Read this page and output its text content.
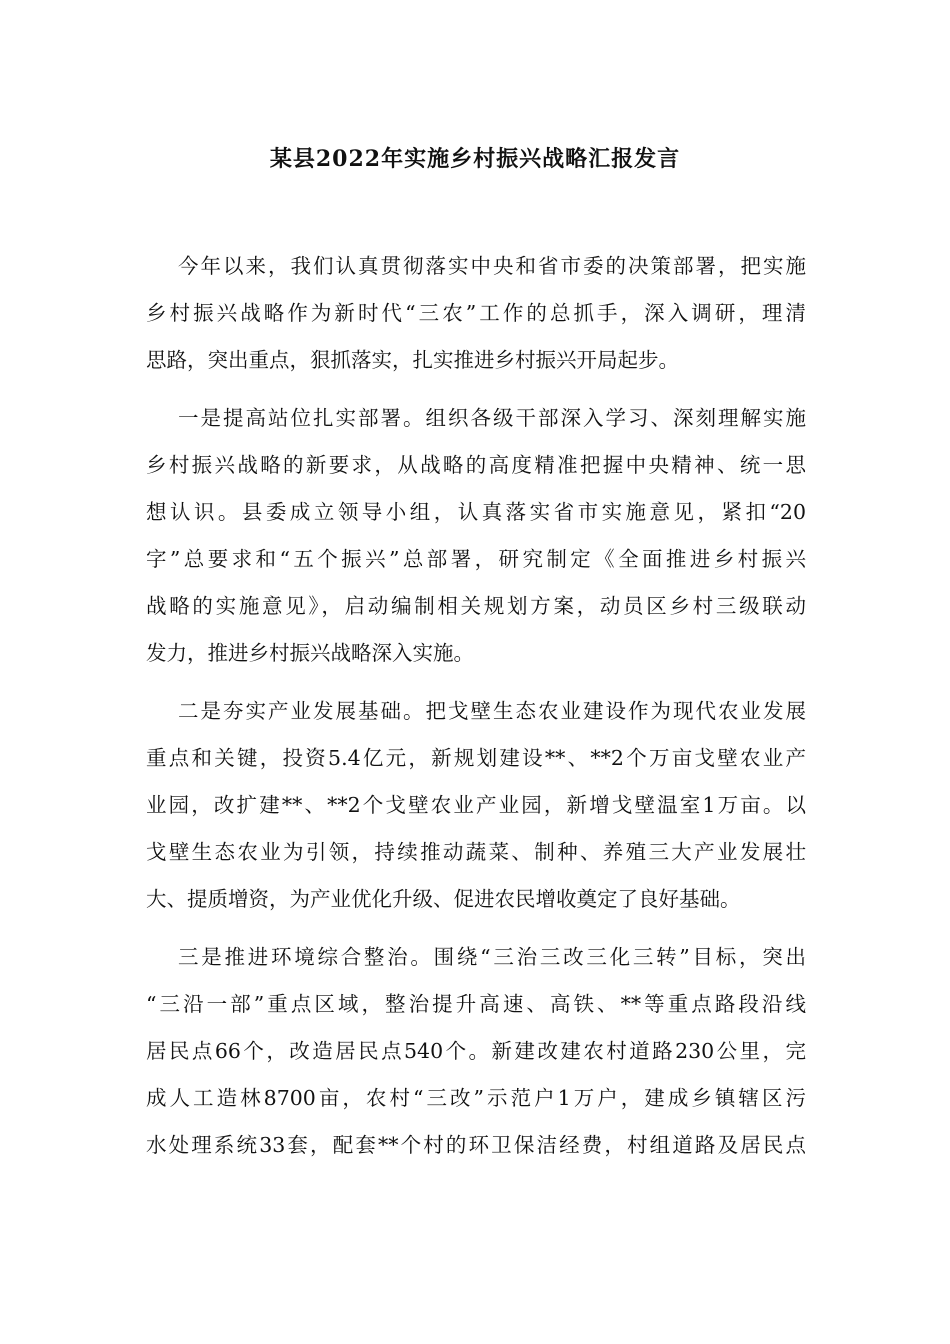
某县2022年实施乡村振兴战略汇报发言
今年以来，我们认真贯彻落实中央和省市委的决策部署，把实施
乡村振兴战略作为新时代“三农”工作的总抓手，深入调研，理清
思路，突出重点，狠抓落实，扎实推进乡村振兴开局起步。
一是提高站位扎实部署。组织各级干部深入学习、深刻理解实施
乡村振兴战略的新要求，从战略的高度精准把握中央精神、统一思
想认识。县委成立领导小组，认真落实省市实施意见，紧扣“20
字”总要求和“五个振兴”总部署，研究制定《全面推进乡村振兴
战略的实施意见》，启动编制相关规划方案，动员区乡村三级联动
发力，推进乡村振兴战略深入实施。
二是夯实产业发展基础。把戈壁生态农业建设作为现代农业发展
重点和关键，投资5.4亿元，新规划建设**、**2个万亩戈壁农业产
业园，改扩建**、**2个戈壁农业产业园，新增戈壁温室1万亩。以
戈壁生态农业为引领，持续推动蔬菜、制种、养殖三大产业发展壮
大、提质增资，为产业优化升级、促进农民增收奠定了良好基础。
三是推进环境综合整治。围绕“三治三改三化三转”目标，突出
“三沿一部”重点区域，整治提升高速、高铁、**等重点路段沿线
居民点66个，改造居民点540个。新建改建农村道路230公里，完
成人工造林8700亩，农村“三改”示范户1万户，建成乡镇辖区污
水处理系统33套，配套**个村的环卫保洁经费，村组道路及居民点
